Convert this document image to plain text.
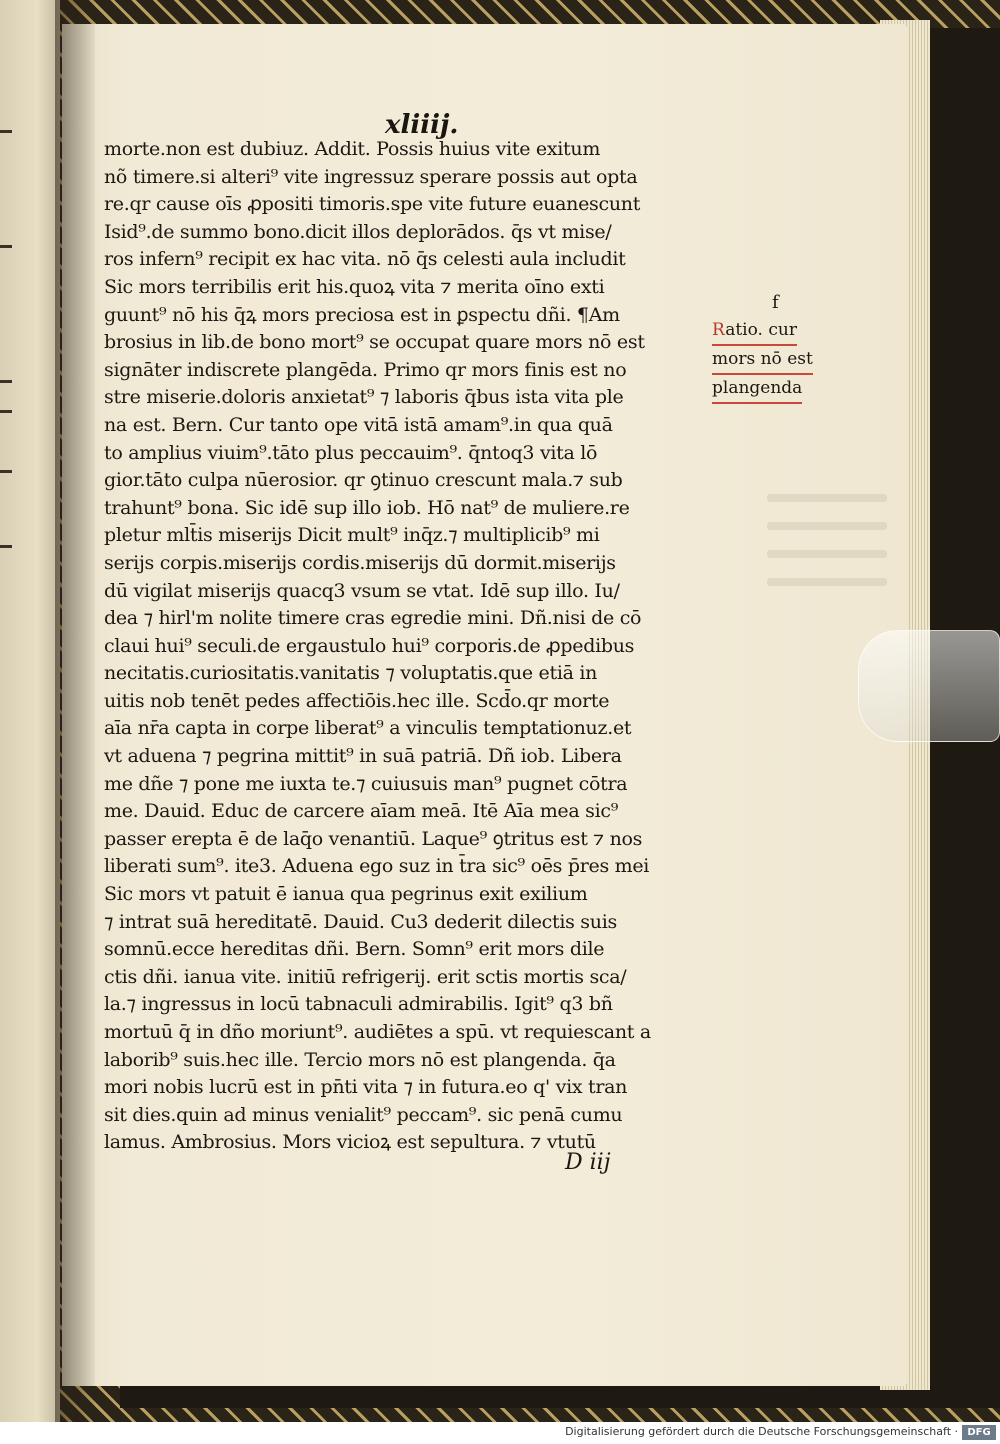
xliiij.
morte.non est dubiuz. Addit. Possis huius vite exitum
nõ timere.si alteri⁹ vite ingressuz sperare possis aut opta
re.qr cause oīs ꝓpositi timoris.spe vite future euanescunt
Isid⁹.de summo bono.dicit illos deplorādos. q̄s vt mise/
ros infern⁹ recipit ex hac vita. nō q̄s celesti aula includit
Sic mors terribilis erit his.quoꝝ vita ⁊ merita oīno exti
guunt⁹ nō his q̄ꝝ mors preciosa est in ꝑspectu dñi. ¶Am
brosius in lib.de bono mort⁹ se occupat quare mors nō est
signāter indiscrete plangēda. Primo qr mors finis est no
stre miserie.doloris anxietat⁹ ⁊ laboris q̄bus ista vita ple
na est. Bern. Cur tanto ope vitā istā amam⁹.in qua quā
to amplius viuim⁹.tāto plus peccauim⁹. q̄ntoq3 vita lō
gior.tāto culpa nūerosior. qr ꝯtinuo crescunt mala.⁊ sub
trahunt⁹ bona. Sic idē sup illo iob. Hō nat⁹ de muliere.re
pletur mlt̄is miserijs Dicit mult⁹ inq̄z.⁊ multiplicib⁹ mi
serijs corpis.miserijs cordis.miserijs dū dormit.miserijs
dū vigilat miserijs quacq3 vsum se vtat. Idē sup illo. Iu/
dea ⁊ hirl'm nolite timere cras egredie mini. Dñ.nisi de cō
claui hui⁹ seculi.de ergaustulo hui⁹ corporis.de ꝓpedibus
necitatis.curiositatis.vanitatis ⁊ voluptatis.que etiā in
uitis nob tenēt pedes affectiōis.hec ille. Scd̄o.qr morte
aīa nr̄a capta in corpe liberat⁹ a vinculis temptationuz.et
vt aduena ⁊ pegrina mittit⁹ in suā patriā. Dñ iob. Libera
me dñe ⁊ pone me iuxta te.⁊ cuiusuis man⁹ pugnet cōtra
me. Dauid. Educ de carcere aīam meā. Itē Aīa mea sic⁹
passer erepta ē de laq̄o venantiū. Laque⁹ ꝯtritus est ⁊ nos
liberati sum⁹. ite3. Aduena ego suz in t̄ra sic⁹ oēs p̄res mei
Sic mors vt patuit ē ianua qua pegrinus exit exilium
⁊ intrat suā hereditatē. Dauid. Cu3 dederit dilectis suis
somnū.ecce hereditas dñi. Bern. Somn⁹ erit mors dile
ctis dñi. ianua vite. initiū refrigerij. erit sctis mortis sca/
la.⁊ ingressus in locū tabnaculi admirabilis. Igit⁹ q3 bñ
mortuū q̄ in dño moriunt⁹. audiētes a spū. vt requiescant a
laborib⁹ suis.hec ille. Tercio mors nō est plangenda. q̄a
mori nobis lucrū est in pn̄ti vita ⁊ in futura.eo q' vix tran
sit dies.quin ad minus venialit⁹ peccam⁹. sic penā cumu
lamus. Ambrosius. Mors vicioꝝ est sepultura. ⁊ vtutū
f
Ratio. cur
mors nō est
plangenda
D iij
Digitalisierung gefördert durch die Deutsche Forschungsgemeinschaft · DFG
